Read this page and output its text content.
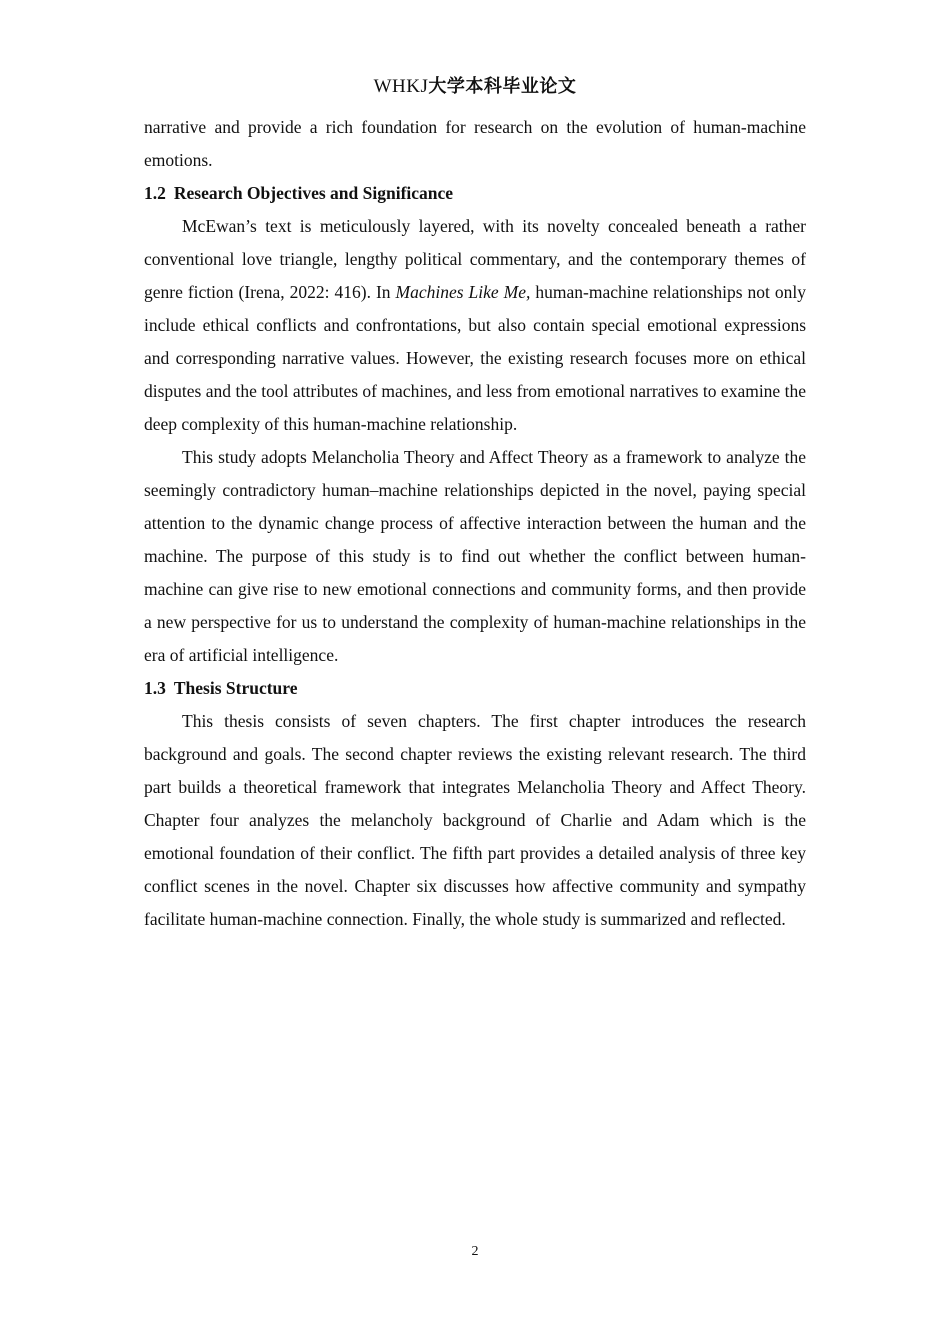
WHKJ大学本科毕业论文

narrative and provide a rich foundation for research on the evolution of human-machine emotions.

1.2 Research Objectives and Significance

McEwan’s text is meticulously layered, with its novelty concealed beneath a rather conventional love triangle, lengthy political commentary, and the contemporary themes of genre fiction (Irena, 2022: 416). In Machines Like Me, human-machine relationships not only include ethical conflicts and confrontations, but also contain special emotional expressions and corresponding narrative values. However, the existing research focuses more on ethical disputes and the tool attributes of machines, and less from emotional narratives to examine the deep complexity of this human-machine relationship.

This study adopts Melancholia Theory and Affect Theory as a framework to analyze the seemingly contradictory human–machine relationships depicted in the novel, paying special attention to the dynamic change process of affective interaction between the human and the machine. The purpose of this study is to find out whether the conflict between human-machine can give rise to new emotional connections and community forms, and then provide a new perspective for us to understand the complexity of human-machine relationships in the era of artificial intelligence.

1.3 Thesis Structure

This thesis consists of seven chapters. The first chapter introduces the research background and goals. The second chapter reviews the existing relevant research. The third part builds a theoretical framework that integrates Melancholia Theory and Affect Theory. Chapter four analyzes the melancholy background of Charlie and Adam which is the emotional foundation of their conflict. The fifth part provides a detailed analysis of three key conflict scenes in the novel. Chapter six discusses how affective community and sympathy facilitate human-machine connection. Finally, the whole study is summarized and reflected.

2
